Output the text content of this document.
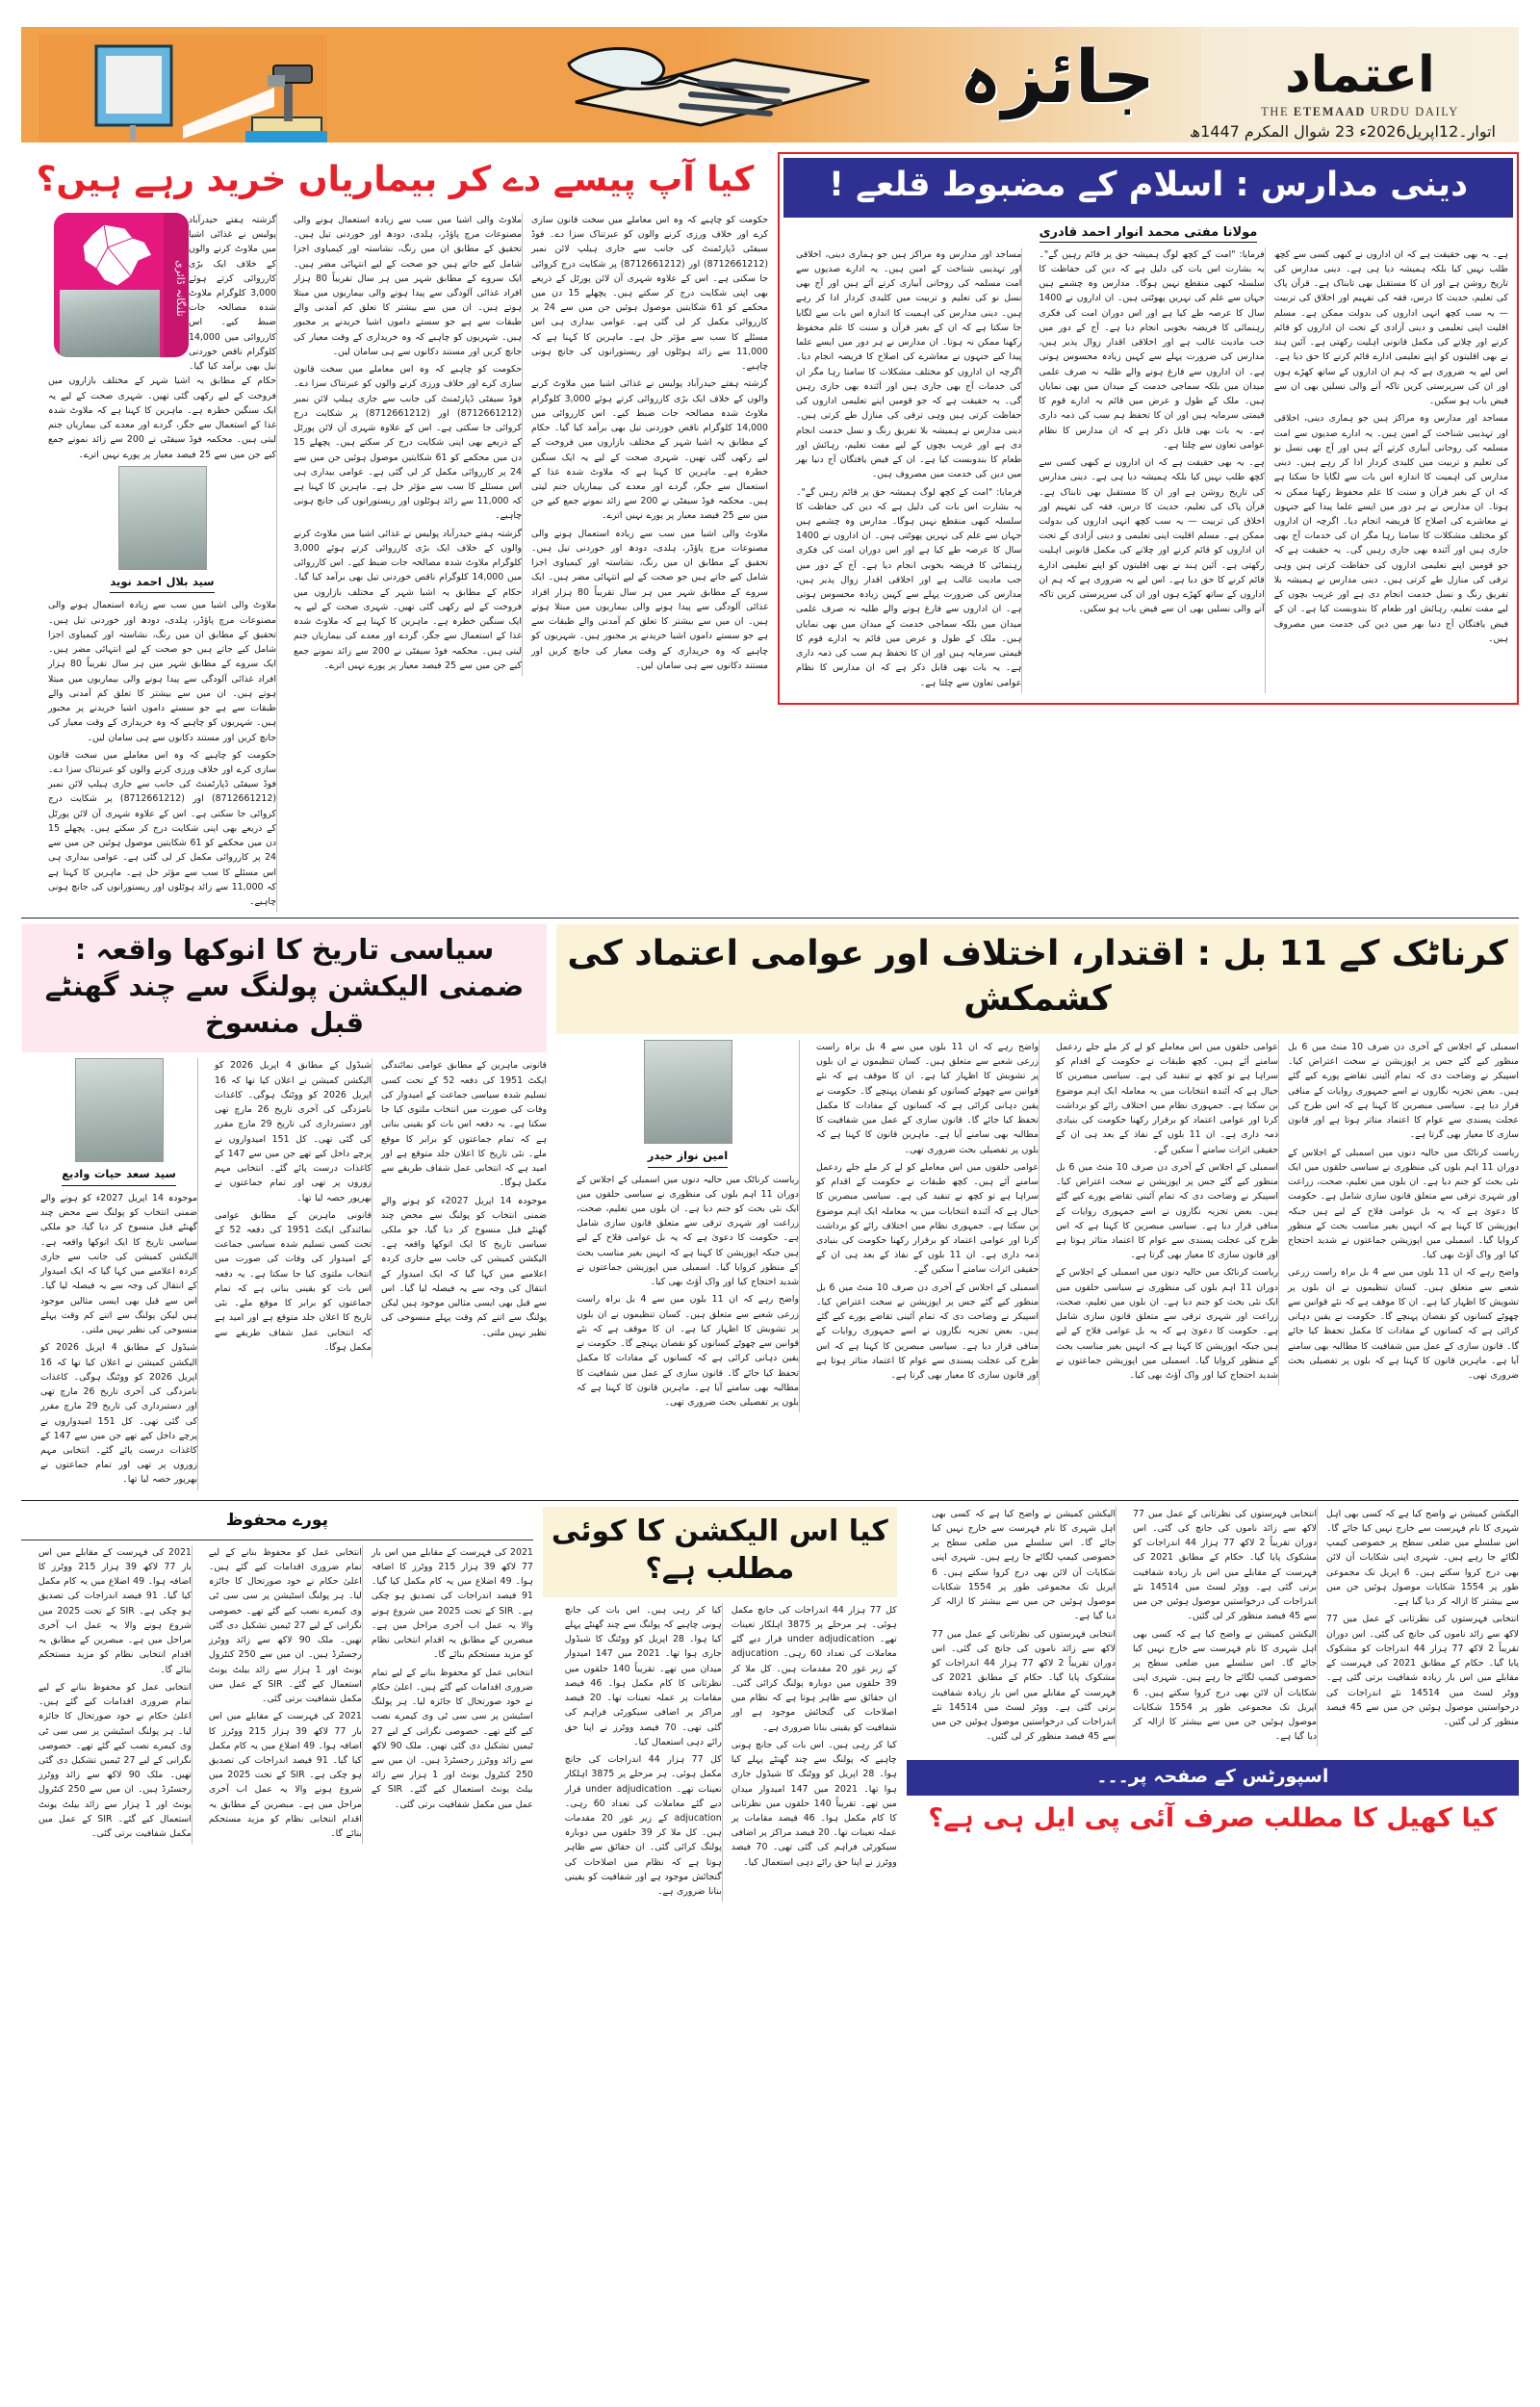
جائزہ	اعتماد
THE ETEMAAD URDU DAILY
اتوار۔12اپریل2026ء 23 شوال المکرم 1447ھ
دینی مدارس : اسلام کے مضبوط قلعے !
مولانا مفتی محمد انوار احمد قادری

ہے۔ یہ بھی حقیقت ہے کہ ان اداروں نے کبھی کسی سے کچھ طلب نہیں کیا بلکہ ہمیشہ دیا ہی ہے۔ دینی مدارس کی تاریخ روشن ہے اور ان کا مستقبل بھی تابناک ہے۔ قرآن پاک کی تعلیم، حدیث کا درس، فقہ کی تفہیم اور اخلاق کی تربیت — یہ سب کچھ انہی اداروں کی بدولت ممکن ہے۔ مسلم اقلیت اپنی تعلیمی و دینی آزادی کے تحت ان اداروں کو قائم کرنے اور چلانے کی مکمل قانونی اہلیت رکھتی ہے۔ آئین ہند نے بھی اقلیتوں کو اپنے تعلیمی ادارے قائم کرنے کا حق دیا ہے۔ اس لیے یہ ضروری ہے کہ ہم ان اداروں کے ساتھ کھڑے ہوں اور ان کی سرپرستی کریں تاکہ آنے والی نسلیں بھی ان سے فیض یاب ہو سکیں۔

مساجد اور مدارس وہ مراکز ہیں جو ہماری دینی، اخلاقی اور تہذیبی شناخت کے امین ہیں۔ یہ ادارے صدیوں سے امت مسلمہ کی روحانی آبیاری کرتے آئے ہیں اور آج بھی نسل نو کی تعلیم و تربیت میں کلیدی کردار ادا کر رہے ہیں۔ دینی مدارس کی اہمیت کا اندازہ اس بات سے لگایا جا سکتا ہے کہ ان کے بغیر قرآن و سنت کا علم محفوظ رکھنا ممکن نہ ہوتا۔ ان مدارس نے ہر دور میں ایسے علما پیدا کیے جنہوں نے معاشرے کی اصلاح کا فریضہ انجام دیا۔ اگرچہ ان اداروں کو مختلف مشکلات کا سامنا رہا مگر ان کی خدمات آج بھی جاری ہیں اور آئندہ بھی جاری رہیں گی۔ یہ حقیقت ہے کہ جو قومیں اپنے تعلیمی اداروں کی حفاظت کرتی ہیں وہی ترقی کی منازل طے کرتی ہیں۔ دینی مدارس نے ہمیشہ بلا تفریق رنگ و نسل خدمت انجام دی ہے اور غریب بچوں کے لیے مفت تعلیم، رہائش اور طعام کا بندوبست کیا ہے۔ ان کے فیض یافتگان آج دنیا بھر میں دین کی خدمت میں مصروف ہیں۔

فرمایا: "امت کے کچھ لوگ ہمیشہ حق پر قائم رہیں گے"۔ یہ بشارت اس بات کی دلیل ہے کہ دین کی حفاظت کا سلسلہ کبھی منقطع نہیں ہوگا۔ مدارس وہ چشمے ہیں جہاں سے علم کی نہریں پھوٹتی ہیں۔ ان اداروں نے 1400 سال کا عرصہ طے کیا ہے اور اس دوران امت کی فکری رہنمائی کا فریضہ بخوبی انجام دیا ہے۔ آج کے دور میں جب مادیت غالب ہے اور اخلاقی اقدار زوال پذیر ہیں، مدارس کی ضرورت پہلے سے کہیں زیادہ محسوس ہوتی ہے۔ ان اداروں سے فارغ ہونے والے طلبہ نہ صرف علمی میدان میں بلکہ سماجی خدمت کے میدان میں بھی نمایاں ہیں۔ ملک کے طول و عرض میں قائم یہ ادارے قوم کا قیمتی سرمایہ ہیں اور ان کا تحفظ ہم سب کی ذمہ داری ہے۔ یہ بات بھی قابل ذکر ہے کہ ان مدارس کا نظام عوامی تعاون سے چلتا ہے۔

ہے۔ یہ بھی حقیقت ہے کہ ان اداروں نے کبھی کسی سے کچھ طلب نہیں کیا بلکہ ہمیشہ دیا ہی ہے۔ دینی مدارس کی تاریخ روشن ہے اور ان کا مستقبل بھی تابناک ہے۔ قرآن پاک کی تعلیم، حدیث کا درس، فقہ کی تفہیم اور اخلاق کی تربیت — یہ سب کچھ انہی اداروں کی بدولت ممکن ہے۔ مسلم اقلیت اپنی تعلیمی و دینی آزادی کے تحت ان اداروں کو قائم کرنے اور چلانے کی مکمل قانونی اہلیت رکھتی ہے۔ آئین ہند نے بھی اقلیتوں کو اپنے تعلیمی ادارے قائم کرنے کا حق دیا ہے۔ اس لیے یہ ضروری ہے کہ ہم ان اداروں کے ساتھ کھڑے ہوں اور ان کی سرپرستی کریں تاکہ آنے والی نسلیں بھی ان سے فیض یاب ہو سکیں۔

مساجد اور مدارس وہ مراکز ہیں جو ہماری دینی، اخلاقی اور تہذیبی شناخت کے امین ہیں۔ یہ ادارے صدیوں سے امت مسلمہ کی روحانی آبیاری کرتے آئے ہیں اور آج بھی نسل نو کی تعلیم و تربیت میں کلیدی کردار ادا کر رہے ہیں۔ دینی مدارس کی اہمیت کا اندازہ اس بات سے لگایا جا سکتا ہے کہ ان کے بغیر قرآن و سنت کا علم محفوظ رکھنا ممکن نہ ہوتا۔ ان مدارس نے ہر دور میں ایسے علما پیدا کیے جنہوں نے معاشرے کی اصلاح کا فریضہ انجام دیا۔ اگرچہ ان اداروں کو مختلف مشکلات کا سامنا رہا مگر ان کی خدمات آج بھی جاری ہیں اور آئندہ بھی جاری رہیں گی۔ یہ حقیقت ہے کہ جو قومیں اپنے تعلیمی اداروں کی حفاظت کرتی ہیں وہی ترقی کی منازل طے کرتی ہیں۔ دینی مدارس نے ہمیشہ بلا تفریق رنگ و نسل خدمت انجام دی ہے اور غریب بچوں کے لیے مفت تعلیم، رہائش اور طعام کا بندوبست کیا ہے۔ ان کے فیض یافتگان آج دنیا بھر میں دین کی خدمت میں مصروف ہیں۔

فرمایا: "امت کے کچھ لوگ ہمیشہ حق پر قائم رہیں گے"۔ یہ بشارت اس بات کی دلیل ہے کہ دین کی حفاظت کا سلسلہ کبھی منقطع نہیں ہوگا۔ مدارس وہ چشمے ہیں جہاں سے علم کی نہریں پھوٹتی ہیں۔ ان اداروں نے 1400 سال کا عرصہ طے کیا ہے اور اس دوران امت کی فکری رہنمائی کا فریضہ بخوبی انجام دیا ہے۔ آج کے دور میں جب مادیت غالب ہے اور اخلاقی اقدار زوال پذیر ہیں، مدارس کی ضرورت پہلے سے کہیں زیادہ محسوس ہوتی ہے۔ ان اداروں سے فارغ ہونے والے طلبہ نہ صرف علمی میدان میں بلکہ سماجی خدمت کے میدان میں بھی نمایاں ہیں۔ ملک کے طول و عرض میں قائم یہ ادارے قوم کا قیمتی سرمایہ ہیں اور ان کا تحفظ ہم سب کی ذمہ داری ہے۔ یہ بات بھی قابل ذکر ہے کہ ان مدارس کا نظام عوامی تعاون سے چلتا ہے۔

کیا آپ پیسے دے کر بیماریاں خرید رہے ہیں؟

حکومت کو چاہیے کہ وہ اس معاملے میں سخت قانون سازی کرے اور خلاف ورزی کرنے والوں کو عبرتناک سزا دے۔ فوڈ سیفٹی ڈپارٹمنٹ کی جانب سے جاری ہیلپ لائن نمبر (8712661212) اور (8712661212) پر شکایت درج کروائی جا سکتی ہے۔ اس کے علاوہ شہری آن لائن پورٹل کے ذریعے بھی اپنی شکایت درج کر سکتے ہیں۔ پچھلے 15 دن میں محکمے کو 61 شکایتیں موصول ہوئیں جن میں سے 24 پر کارروائی مکمل کر لی گئی ہے۔ عوامی بیداری ہی اس مسئلے کا سب سے مؤثر حل ہے۔ ماہرین کا کہنا ہے کہ 11,000 سے زائد ہوٹلوں اور ریستورانوں کی جانچ ہونی چاہیے۔

گزشتہ ہفتے حیدرآباد پولیس نے غذائی اشیا میں ملاوٹ کرنے والوں کے خلاف ایک بڑی کارروائی کرتے ہوئے 3,000 کلوگرام ملاوٹ شدہ مصالحہ جات ضبط کیے۔ اس کارروائی میں 14,000 کلوگرام ناقص خوردنی تیل بھی برآمد کیا گیا۔ حکام کے مطابق یہ اشیا شہر کے مختلف بازاروں میں فروخت کے لیے رکھی گئی تھیں۔ شہری صحت کے لیے یہ ایک سنگین خطرہ ہے۔ ماہرین کا کہنا ہے کہ ملاوٹ شدہ غذا کے استعمال سے جگر، گردے اور معدے کی بیماریاں جنم لیتی ہیں۔ محکمہ فوڈ سیفٹی نے 200 سے زائد نمونے جمع کیے جن میں سے 25 فیصد معیار پر پورے نہیں اترے۔

ملاوٹ والی اشیا میں سب سے زیادہ استعمال ہونے والی مصنوعات مرچ پاؤڈر، ہلدی، دودھ اور خوردنی تیل ہیں۔ تحقیق کے مطابق ان میں رنگ، نشاستہ اور کیمیاوی اجزا شامل کیے جاتے ہیں جو صحت کے لیے انتہائی مضر ہیں۔ ایک سروے کے مطابق شہر میں ہر سال تقریباً 80 ہزار افراد غذائی آلودگی سے پیدا ہونے والی بیماریوں میں مبتلا ہوتے ہیں۔ ان میں سے بیشتر کا تعلق کم آمدنی والے طبقات سے ہے جو سستے داموں اشیا خریدنے پر مجبور ہیں۔ شہریوں کو چاہیے کہ وہ خریداری کے وقت معیار کی جانچ کریں اور مستند دکانوں سے ہی سامان لیں۔

ملاوٹ والی اشیا میں سب سے زیادہ استعمال ہونے والی مصنوعات مرچ پاؤڈر، ہلدی، دودھ اور خوردنی تیل ہیں۔ تحقیق کے مطابق ان میں رنگ، نشاستہ اور کیمیاوی اجزا شامل کیے جاتے ہیں جو صحت کے لیے انتہائی مضر ہیں۔ ایک سروے کے مطابق شہر میں ہر سال تقریباً 80 ہزار افراد غذائی آلودگی سے پیدا ہونے والی بیماریوں میں مبتلا ہوتے ہیں۔ ان میں سے بیشتر کا تعلق کم آمدنی والے طبقات سے ہے جو سستے داموں اشیا خریدنے پر مجبور ہیں۔ شہریوں کو چاہیے کہ وہ خریداری کے وقت معیار کی جانچ کریں اور مستند دکانوں سے ہی سامان لیں۔

حکومت کو چاہیے کہ وہ اس معاملے میں سخت قانون سازی کرے اور خلاف ورزی کرنے والوں کو عبرتناک سزا دے۔ فوڈ سیفٹی ڈپارٹمنٹ کی جانب سے جاری ہیلپ لائن نمبر (8712661212) اور (8712661212) پر شکایت درج کروائی جا سکتی ہے۔ اس کے علاوہ شہری آن لائن پورٹل کے ذریعے بھی اپنی شکایت درج کر سکتے ہیں۔ پچھلے 15 دن میں محکمے کو 61 شکایتیں موصول ہوئیں جن میں سے 24 پر کارروائی مکمل کر لی گئی ہے۔ عوامی بیداری ہی اس مسئلے کا سب سے مؤثر حل ہے۔ ماہرین کا کہنا ہے کہ 11,000 سے زائد ہوٹلوں اور ریستورانوں کی جانچ ہونی چاہیے۔

گزشتہ ہفتے حیدرآباد پولیس نے غذائی اشیا میں ملاوٹ کرنے والوں کے خلاف ایک بڑی کارروائی کرتے ہوئے 3,000 کلوگرام ملاوٹ شدہ مصالحہ جات ضبط کیے۔ اس کارروائی میں 14,000 کلوگرام ناقص خوردنی تیل بھی برآمد کیا گیا۔ حکام کے مطابق یہ اشیا شہر کے مختلف بازاروں میں فروخت کے لیے رکھی گئی تھیں۔ شہری صحت کے لیے یہ ایک سنگین خطرہ ہے۔ ماہرین کا کہنا ہے کہ ملاوٹ شدہ غذا کے استعمال سے جگر، گردے اور معدے کی بیماریاں جنم لیتی ہیں۔ محکمہ فوڈ سیفٹی نے 200 سے زائد نمونے جمع کیے جن میں سے 25 فیصد معیار پر پورے نہیں اترے۔

تلنگانہ ڈائری

گزشتہ ہفتے حیدرآباد پولیس نے غذائی اشیا میں ملاوٹ کرنے والوں کے خلاف ایک بڑی کارروائی کرتے ہوئے 3,000 کلوگرام ملاوٹ شدہ مصالحہ جات ضبط کیے۔ اس کارروائی میں 14,000 کلوگرام ناقص خوردنی تیل بھی برآمد کیا گیا۔ حکام کے مطابق یہ اشیا شہر کے مختلف بازاروں میں فروخت کے لیے رکھی گئی تھیں۔ شہری صحت کے لیے یہ ایک سنگین خطرہ ہے۔ ماہرین کا کہنا ہے کہ ملاوٹ شدہ غذا کے استعمال سے جگر، گردے اور معدے کی بیماریاں جنم لیتی ہیں۔ محکمہ فوڈ سیفٹی نے 200 سے زائد نمونے جمع کیے جن میں سے 25 فیصد معیار پر پورے نہیں اترے۔

سید بلال احمد نوید

ملاوٹ والی اشیا میں سب سے زیادہ استعمال ہونے والی مصنوعات مرچ پاؤڈر، ہلدی، دودھ اور خوردنی تیل ہیں۔ تحقیق کے مطابق ان میں رنگ، نشاستہ اور کیمیاوی اجزا شامل کیے جاتے ہیں جو صحت کے لیے انتہائی مضر ہیں۔ ایک سروے کے مطابق شہر میں ہر سال تقریباً 80 ہزار افراد غذائی آلودگی سے پیدا ہونے والی بیماریوں میں مبتلا ہوتے ہیں۔ ان میں سے بیشتر کا تعلق کم آمدنی والے طبقات سے ہے جو سستے داموں اشیا خریدنے پر مجبور ہیں۔ شہریوں کو چاہیے کہ وہ خریداری کے وقت معیار کی جانچ کریں اور مستند دکانوں سے ہی سامان لیں۔

حکومت کو چاہیے کہ وہ اس معاملے میں سخت قانون سازی کرے اور خلاف ورزی کرنے والوں کو عبرتناک سزا دے۔ فوڈ سیفٹی ڈپارٹمنٹ کی جانب سے جاری ہیلپ لائن نمبر (8712661212) اور (8712661212) پر شکایت درج کروائی جا سکتی ہے۔ اس کے علاوہ شہری آن لائن پورٹل کے ذریعے بھی اپنی شکایت درج کر سکتے ہیں۔ پچھلے 15 دن میں محکمے کو 61 شکایتیں موصول ہوئیں جن میں سے 24 پر کارروائی مکمل کر لی گئی ہے۔ عوامی بیداری ہی اس مسئلے کا سب سے مؤثر حل ہے۔ ماہرین کا کہنا ہے کہ 11,000 سے زائد ہوٹلوں اور ریستورانوں کی جانچ ہونی چاہیے۔

کرناٹک کے 11 بل : اقتدار، اختلاف اور عوامی اعتماد کی کشمکش

اسمبلی کے اجلاس کے آخری دن صرف 10 منٹ میں 6 بل منظور کیے گئے جس پر اپوزیشن نے سخت اعتراض کیا۔ اسپیکر نے وضاحت دی کہ تمام آئینی تقاضے پورے کیے گئے ہیں۔ بعض تجزیہ نگاروں نے اسے جمہوری روایات کے منافی قرار دیا ہے۔ سیاسی مبصرین کا کہنا ہے کہ اس طرح کی عجلت پسندی سے عوام کا اعتماد متاثر ہوتا ہے اور قانون سازی کا معیار بھی گرتا ہے۔

ریاست کرناٹک میں حالیہ دنوں میں اسمبلی کے اجلاس کے دوران 11 اہم بلوں کی منظوری نے سیاسی حلقوں میں ایک نئی بحث کو جنم دیا ہے۔ ان بلوں میں تعلیم، صحت، زراعت اور شہری ترقی سے متعلق قانون سازی شامل ہے۔ حکومت کا دعویٰ ہے کہ یہ بل عوامی فلاح کے لیے ہیں جبکہ اپوزیشن کا کہنا ہے کہ انہیں بغیر مناسب بحث کے منظور کروایا گیا۔ اسمبلی میں اپوزیشن جماعتوں نے شدید احتجاج کیا اور واک آؤٹ بھی کیا۔

واضح رہے کہ ان 11 بلوں میں سے 4 بل براہ راست زرعی شعبے سے متعلق ہیں۔ کسان تنظیموں نے ان بلوں پر تشویش کا اظہار کیا ہے۔ ان کا موقف ہے کہ نئے قوانین سے چھوٹے کسانوں کو نقصان پہنچے گا۔ حکومت نے یقین دہانی کرائی ہے کہ کسانوں کے مفادات کا مکمل تحفظ کیا جائے گا۔ قانون سازی کے عمل میں شفافیت کا مطالبہ بھی سامنے آیا ہے۔ ماہرین قانون کا کہنا ہے کہ بلوں پر تفصیلی بحث ضروری تھی۔

عوامی حلقوں میں اس معاملے کو لے کر ملے جلے ردعمل سامنے آئے ہیں۔ کچھ طبقات نے حکومت کے اقدام کو سراہا ہے تو کچھ نے تنقید کی ہے۔ سیاسی مبصرین کا خیال ہے کہ آئندہ انتخابات میں یہ معاملہ ایک اہم موضوع بن سکتا ہے۔ جمہوری نظام میں اختلاف رائے کو برداشت کرنا اور عوامی اعتماد کو برقرار رکھنا حکومت کی بنیادی ذمہ داری ہے۔ ان 11 بلوں کے نفاذ کے بعد ہی ان کے حقیقی اثرات سامنے آ سکیں گے۔

اسمبلی کے اجلاس کے آخری دن صرف 10 منٹ میں 6 بل منظور کیے گئے جس پر اپوزیشن نے سخت اعتراض کیا۔ اسپیکر نے وضاحت دی کہ تمام آئینی تقاضے پورے کیے گئے ہیں۔ بعض تجزیہ نگاروں نے اسے جمہوری روایات کے منافی قرار دیا ہے۔ سیاسی مبصرین کا کہنا ہے کہ اس طرح کی عجلت پسندی سے عوام کا اعتماد متاثر ہوتا ہے اور قانون سازی کا معیار بھی گرتا ہے۔

ریاست کرناٹک میں حالیہ دنوں میں اسمبلی کے اجلاس کے دوران 11 اہم بلوں کی منظوری نے سیاسی حلقوں میں ایک نئی بحث کو جنم دیا ہے۔ ان بلوں میں تعلیم، صحت، زراعت اور شہری ترقی سے متعلق قانون سازی شامل ہے۔ حکومت کا دعویٰ ہے کہ یہ بل عوامی فلاح کے لیے ہیں جبکہ اپوزیشن کا کہنا ہے کہ انہیں بغیر مناسب بحث کے منظور کروایا گیا۔ اسمبلی میں اپوزیشن جماعتوں نے شدید احتجاج کیا اور واک آؤٹ بھی کیا۔

واضح رہے کہ ان 11 بلوں میں سے 4 بل براہ راست زرعی شعبے سے متعلق ہیں۔ کسان تنظیموں نے ان بلوں پر تشویش کا اظہار کیا ہے۔ ان کا موقف ہے کہ نئے قوانین سے چھوٹے کسانوں کو نقصان پہنچے گا۔ حکومت نے یقین دہانی کرائی ہے کہ کسانوں کے مفادات کا مکمل تحفظ کیا جائے گا۔ قانون سازی کے عمل میں شفافیت کا مطالبہ بھی سامنے آیا ہے۔ ماہرین قانون کا کہنا ہے کہ بلوں پر تفصیلی بحث ضروری تھی۔

عوامی حلقوں میں اس معاملے کو لے کر ملے جلے ردعمل سامنے آئے ہیں۔ کچھ طبقات نے حکومت کے اقدام کو سراہا ہے تو کچھ نے تنقید کی ہے۔ سیاسی مبصرین کا خیال ہے کہ آئندہ انتخابات میں یہ معاملہ ایک اہم موضوع بن سکتا ہے۔ جمہوری نظام میں اختلاف رائے کو برداشت کرنا اور عوامی اعتماد کو برقرار رکھنا حکومت کی بنیادی ذمہ داری ہے۔ ان 11 بلوں کے نفاذ کے بعد ہی ان کے حقیقی اثرات سامنے آ سکیں گے۔

اسمبلی کے اجلاس کے آخری دن صرف 10 منٹ میں 6 بل منظور کیے گئے جس پر اپوزیشن نے سخت اعتراض کیا۔ اسپیکر نے وضاحت دی کہ تمام آئینی تقاضے پورے کیے گئے ہیں۔ بعض تجزیہ نگاروں نے اسے جمہوری روایات کے منافی قرار دیا ہے۔ سیاسی مبصرین کا کہنا ہے کہ اس طرح کی عجلت پسندی سے عوام کا اعتماد متاثر ہوتا ہے اور قانون سازی کا معیار بھی گرتا ہے۔

امین نواز حیدر

ریاست کرناٹک میں حالیہ دنوں میں اسمبلی کے اجلاس کے دوران 11 اہم بلوں کی منظوری نے سیاسی حلقوں میں ایک نئی بحث کو جنم دیا ہے۔ ان بلوں میں تعلیم، صحت، زراعت اور شہری ترقی سے متعلق قانون سازی شامل ہے۔ حکومت کا دعویٰ ہے کہ یہ بل عوامی فلاح کے لیے ہیں جبکہ اپوزیشن کا کہنا ہے کہ انہیں بغیر مناسب بحث کے منظور کروایا گیا۔ اسمبلی میں اپوزیشن جماعتوں نے شدید احتجاج کیا اور واک آؤٹ بھی کیا۔

واضح رہے کہ ان 11 بلوں میں سے 4 بل براہ راست زرعی شعبے سے متعلق ہیں۔ کسان تنظیموں نے ان بلوں پر تشویش کا اظہار کیا ہے۔ ان کا موقف ہے کہ نئے قوانین سے چھوٹے کسانوں کو نقصان پہنچے گا۔ حکومت نے یقین دہانی کرائی ہے کہ کسانوں کے مفادات کا مکمل تحفظ کیا جائے گا۔ قانون سازی کے عمل میں شفافیت کا مطالبہ بھی سامنے آیا ہے۔ ماہرین قانون کا کہنا ہے کہ بلوں پر تفصیلی بحث ضروری تھی۔

سیاسی تاریخ کا انوکھا واقعہ : ضمنی الیکشن پولنگ سے چند گھنٹے قبل منسوخ

قانونی ماہرین کے مطابق عوامی نمائندگی ایکٹ 1951 کی دفعہ 52 کے تحت کسی تسلیم شدہ سیاسی جماعت کے امیدوار کی وفات کی صورت میں انتخاب ملتوی کیا جا سکتا ہے۔ یہ دفعہ اس بات کو یقینی بناتی ہے کہ تمام جماعتوں کو برابر کا موقع ملے۔ نئی تاریخ کا اعلان جلد متوقع ہے اور امید ہے کہ انتخابی عمل شفاف طریقے سے مکمل ہوگا۔

موجودہ 14 اپریل 2027ء کو ہونے والے ضمنی انتخاب کو پولنگ سے محض چند گھنٹے قبل منسوخ کر دیا گیا، جو ملکی سیاسی تاریخ کا ایک انوکھا واقعہ ہے۔ الیکشن کمیشن کی جانب سے جاری کردہ اعلامیے میں کہا گیا کہ ایک امیدوار کے انتقال کی وجہ سے یہ فیصلہ لیا گیا۔ اس سے قبل بھی ایسی مثالیں موجود ہیں لیکن پولنگ سے اتنے کم وقت پہلے منسوخی کی نظیر نہیں ملتی۔

شیڈول کے مطابق 4 اپریل 2026 کو الیکشن کمیشن نے اعلان کیا تھا کہ 16 اپریل 2026 کو ووٹنگ ہوگی۔ کاغذات نامزدگی کی آخری تاریخ 26 مارچ تھی اور دستبرداری کی تاریخ 29 مارچ مقرر کی گئی تھی۔ کل 151 امیدواروں نے پرچے داخل کیے تھے جن میں سے 147 کے کاغذات درست پائے گئے۔ انتخابی مہم زوروں پر تھی اور تمام جماعتوں نے بھرپور حصہ لیا تھا۔

قانونی ماہرین کے مطابق عوامی نمائندگی ایکٹ 1951 کی دفعہ 52 کے تحت کسی تسلیم شدہ سیاسی جماعت کے امیدوار کی وفات کی صورت میں انتخاب ملتوی کیا جا سکتا ہے۔ یہ دفعہ اس بات کو یقینی بناتی ہے کہ تمام جماعتوں کو برابر کا موقع ملے۔ نئی تاریخ کا اعلان جلد متوقع ہے اور امید ہے کہ انتخابی عمل شفاف طریقے سے مکمل ہوگا۔

سید سعد حیات وادیع

موجودہ 14 اپریل 2027ء کو ہونے والے ضمنی انتخاب کو پولنگ سے محض چند گھنٹے قبل منسوخ کر دیا گیا، جو ملکی سیاسی تاریخ کا ایک انوکھا واقعہ ہے۔ الیکشن کمیشن کی جانب سے جاری کردہ اعلامیے میں کہا گیا کہ ایک امیدوار کے انتقال کی وجہ سے یہ فیصلہ لیا گیا۔ اس سے قبل بھی ایسی مثالیں موجود ہیں لیکن پولنگ سے اتنے کم وقت پہلے منسوخی کی نظیر نہیں ملتی۔

شیڈول کے مطابق 4 اپریل 2026 کو الیکشن کمیشن نے اعلان کیا تھا کہ 16 اپریل 2026 کو ووٹنگ ہوگی۔ کاغذات نامزدگی کی آخری تاریخ 26 مارچ تھی اور دستبرداری کی تاریخ 29 مارچ مقرر کی گئی تھی۔ کل 151 امیدواروں نے پرچے داخل کیے تھے جن میں سے 147 کے کاغذات درست پائے گئے۔ انتخابی مہم زوروں پر تھی اور تمام جماعتوں نے بھرپور حصہ لیا تھا۔

الیکشن کمیشن نے واضح کیا ہے کہ کسی بھی اہل شہری کا نام فہرست سے خارج نہیں کیا جائے گا۔ اس سلسلے میں ضلعی سطح پر خصوصی کیمپ لگائے جا رہے ہیں۔ شہری اپنی شکایات آن لائن بھی درج کروا سکتے ہیں۔ 6 اپریل تک مجموعی طور پر 1554 شکایات موصول ہوئیں جن میں سے بیشتر کا ازالہ کر دیا گیا ہے۔

انتخابی فہرستوں کی نظرثانی کے عمل میں 77 لاکھ سے زائد ناموں کی جانچ کی گئی۔ اس دوران تقریباً 2 لاکھ 77 ہزار 44 اندراجات کو مشکوک پایا گیا۔ حکام کے مطابق 2021 کی فہرست کے مقابلے میں اس بار زیادہ شفافیت برتی گئی ہے۔ ووٹر لسٹ میں 14514 نئے اندراجات کی درخواستیں موصول ہوئیں جن میں سے 45 فیصد منظور کر لی گئیں۔

انتخابی فہرستوں کی نظرثانی کے عمل میں 77 لاکھ سے زائد ناموں کی جانچ کی گئی۔ اس دوران تقریباً 2 لاکھ 77 ہزار 44 اندراجات کو مشکوک پایا گیا۔ حکام کے مطابق 2021 کی فہرست کے مقابلے میں اس بار زیادہ شفافیت برتی گئی ہے۔ ووٹر لسٹ میں 14514 نئے اندراجات کی درخواستیں موصول ہوئیں جن میں سے 45 فیصد منظور کر لی گئیں۔

الیکشن کمیشن نے واضح کیا ہے کہ کسی بھی اہل شہری کا نام فہرست سے خارج نہیں کیا جائے گا۔ اس سلسلے میں ضلعی سطح پر خصوصی کیمپ لگائے جا رہے ہیں۔ شہری اپنی شکایات آن لائن بھی درج کروا سکتے ہیں۔ 6 اپریل تک مجموعی طور پر 1554 شکایات موصول ہوئیں جن میں سے بیشتر کا ازالہ کر دیا گیا ہے۔

الیکشن کمیشن نے واضح کیا ہے کہ کسی بھی اہل شہری کا نام فہرست سے خارج نہیں کیا جائے گا۔ اس سلسلے میں ضلعی سطح پر خصوصی کیمپ لگائے جا رہے ہیں۔ شہری اپنی شکایات آن لائن بھی درج کروا سکتے ہیں۔ 6 اپریل تک مجموعی طور پر 1554 شکایات موصول ہوئیں جن میں سے بیشتر کا ازالہ کر دیا گیا ہے۔

انتخابی فہرستوں کی نظرثانی کے عمل میں 77 لاکھ سے زائد ناموں کی جانچ کی گئی۔ اس دوران تقریباً 2 لاکھ 77 ہزار 44 اندراجات کو مشکوک پایا گیا۔ حکام کے مطابق 2021 کی فہرست کے مقابلے میں اس بار زیادہ شفافیت برتی گئی ہے۔ ووٹر لسٹ میں 14514 نئے اندراجات کی درخواستیں موصول ہوئیں جن میں سے 45 فیصد منظور کر لی گئیں۔

اسپورٹس کے صفحہ پر۔۔۔
کیا کھیل کا مطلب صرف آئی پی ایل ہی ہے؟
کیا اس الیکشن کا کوئی مطلب ہے؟

کل 77 ہزار 44 اندراجات کی جانچ مکمل ہوئی۔ ہر مرحلے پر 3875 اہلکار تعینات تھے۔ under adjudication قرار دیے گئے معاملات کی تعداد 60 رہی۔ adjucation کے زیر غور 20 مقدمات ہیں۔ کل ملا کر 39 حلقوں میں دوبارہ پولنگ کرائی گئی۔ ان حقائق سے ظاہر ہوتا ہے کہ نظام میں اصلاحات کی گنجائش موجود ہے اور شفافیت کو یقینی بنانا ضروری ہے۔

کیا کر رہی ہیں۔ اس بات کی جانچ ہونی چاہیے کہ پولنگ سے چند گھنٹے پہلے کیا ہوا۔ 28 اپریل کو ووٹنگ کا شیڈول جاری ہوا تھا۔ 2021 میں 147 امیدوار میدان میں تھے۔ تقریباً 140 حلقوں میں نظرثانی کا کام مکمل ہوا۔ 46 فیصد مقامات پر عملہ تعینات تھا۔ 20 فیصد مراکز پر اضافی سیکورٹی فراہم کی گئی تھی۔ 70 فیصد ووٹرز نے اپنا حق رائے دہی استعمال کیا۔

کیا کر رہی ہیں۔ اس بات کی جانچ ہونی چاہیے کہ پولنگ سے چند گھنٹے پہلے کیا ہوا۔ 28 اپریل کو ووٹنگ کا شیڈول جاری ہوا تھا۔ 2021 میں 147 امیدوار میدان میں تھے۔ تقریباً 140 حلقوں میں نظرثانی کا کام مکمل ہوا۔ 46 فیصد مقامات پر عملہ تعینات تھا۔ 20 فیصد مراکز پر اضافی سیکورٹی فراہم کی گئی تھی۔ 70 فیصد ووٹرز نے اپنا حق رائے دہی استعمال کیا۔

کل 77 ہزار 44 اندراجات کی جانچ مکمل ہوئی۔ ہر مرحلے پر 3875 اہلکار تعینات تھے۔ under adjudication قرار دیے گئے معاملات کی تعداد 60 رہی۔ adjucation کے زیر غور 20 مقدمات ہیں۔ کل ملا کر 39 حلقوں میں دوبارہ پولنگ کرائی گئی۔ ان حقائق سے ظاہر ہوتا ہے کہ نظام میں اصلاحات کی گنجائش موجود ہے اور شفافیت کو یقینی بنانا ضروری ہے۔

پورے محفوظ

2021 کی فہرست کے مقابلے میں اس بار 77 لاکھ 39 ہزار 215 ووٹرز کا اضافہ ہوا۔ 49 اضلاع میں یہ کام مکمل کیا گیا۔ 91 فیصد اندراجات کی تصدیق ہو چکی ہے۔ SIR کے تحت 2025 میں شروع ہونے والا یہ عمل اب آخری مراحل میں ہے۔ مبصرین کے مطابق یہ اقدام انتخابی نظام کو مزید مستحکم بنائے گا۔

انتخابی عمل کو محفوظ بنانے کے لیے تمام ضروری اقدامات کیے گئے ہیں۔ اعلیٰ حکام نے خود صورتحال کا جائزہ لیا۔ ہر پولنگ اسٹیشن پر سی سی ٹی وی کیمرے نصب کیے گئے تھے۔ خصوصی نگرانی کے لیے 27 ٹیمیں تشکیل دی گئی تھیں۔ ملک 90 لاکھ سے زائد ووٹرز رجسٹرڈ ہیں۔ ان میں سے 250 کنٹرول یونٹ اور 1 ہزار سے زائد بیلٹ یونٹ استعمال کیے گئے۔ SIR کے عمل میں مکمل شفافیت برتی گئی۔

انتخابی عمل کو محفوظ بنانے کے لیے تمام ضروری اقدامات کیے گئے ہیں۔ اعلیٰ حکام نے خود صورتحال کا جائزہ لیا۔ ہر پولنگ اسٹیشن پر سی سی ٹی وی کیمرے نصب کیے گئے تھے۔ خصوصی نگرانی کے لیے 27 ٹیمیں تشکیل دی گئی تھیں۔ ملک 90 لاکھ سے زائد ووٹرز رجسٹرڈ ہیں۔ ان میں سے 250 کنٹرول یونٹ اور 1 ہزار سے زائد بیلٹ یونٹ استعمال کیے گئے۔ SIR کے عمل میں مکمل شفافیت برتی گئی۔

2021 کی فہرست کے مقابلے میں اس بار 77 لاکھ 39 ہزار 215 ووٹرز کا اضافہ ہوا۔ 49 اضلاع میں یہ کام مکمل کیا گیا۔ 91 فیصد اندراجات کی تصدیق ہو چکی ہے۔ SIR کے تحت 2025 میں شروع ہونے والا یہ عمل اب آخری مراحل میں ہے۔ مبصرین کے مطابق یہ اقدام انتخابی نظام کو مزید مستحکم بنائے گا۔

2021 کی فہرست کے مقابلے میں اس بار 77 لاکھ 39 ہزار 215 ووٹرز کا اضافہ ہوا۔ 49 اضلاع میں یہ کام مکمل کیا گیا۔ 91 فیصد اندراجات کی تصدیق ہو چکی ہے۔ SIR کے تحت 2025 میں شروع ہونے والا یہ عمل اب آخری مراحل میں ہے۔ مبصرین کے مطابق یہ اقدام انتخابی نظام کو مزید مستحکم بنائے گا۔

انتخابی عمل کو محفوظ بنانے کے لیے تمام ضروری اقدامات کیے گئے ہیں۔ اعلیٰ حکام نے خود صورتحال کا جائزہ لیا۔ ہر پولنگ اسٹیشن پر سی سی ٹی وی کیمرے نصب کیے گئے تھے۔ خصوصی نگرانی کے لیے 27 ٹیمیں تشکیل دی گئی تھیں۔ ملک 90 لاکھ سے زائد ووٹرز رجسٹرڈ ہیں۔ ان میں سے 250 کنٹرول یونٹ اور 1 ہزار سے زائد بیلٹ یونٹ استعمال کیے گئے۔ SIR کے عمل میں مکمل شفافیت برتی گئی۔
